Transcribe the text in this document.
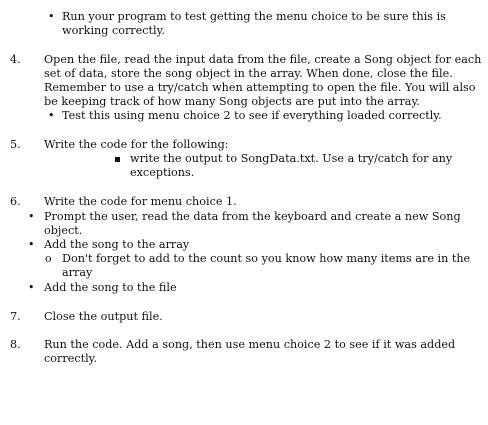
• Run your program to test getting the menu choice to be sure this is
working correctly.
4. Open the file, read the input data from the file, create a Song object for each
set of data, store the song object in the array. When done, close the file.
Remember to use a try/catch when attempting to open the file. You will also
be keeping track of how many Song objects are put into the array.
• Test this using menu choice 2 to see if everything loaded correctly.
5. Write the code for the following:
write the output to SongData.txt. Use a try/catch for any
exceptions.
6. Write the code for menu choice 1.
• Prompt the user, read the data from the keyboard and create a new Song
object.
• Add the song to the array
o Don't forget to add to the count so you know how many items are in the
array
• Add the song to the file
7. Close the output file.
8. Run the code. Add a song, then use menu choice 2 to see if it was added
correctly.
